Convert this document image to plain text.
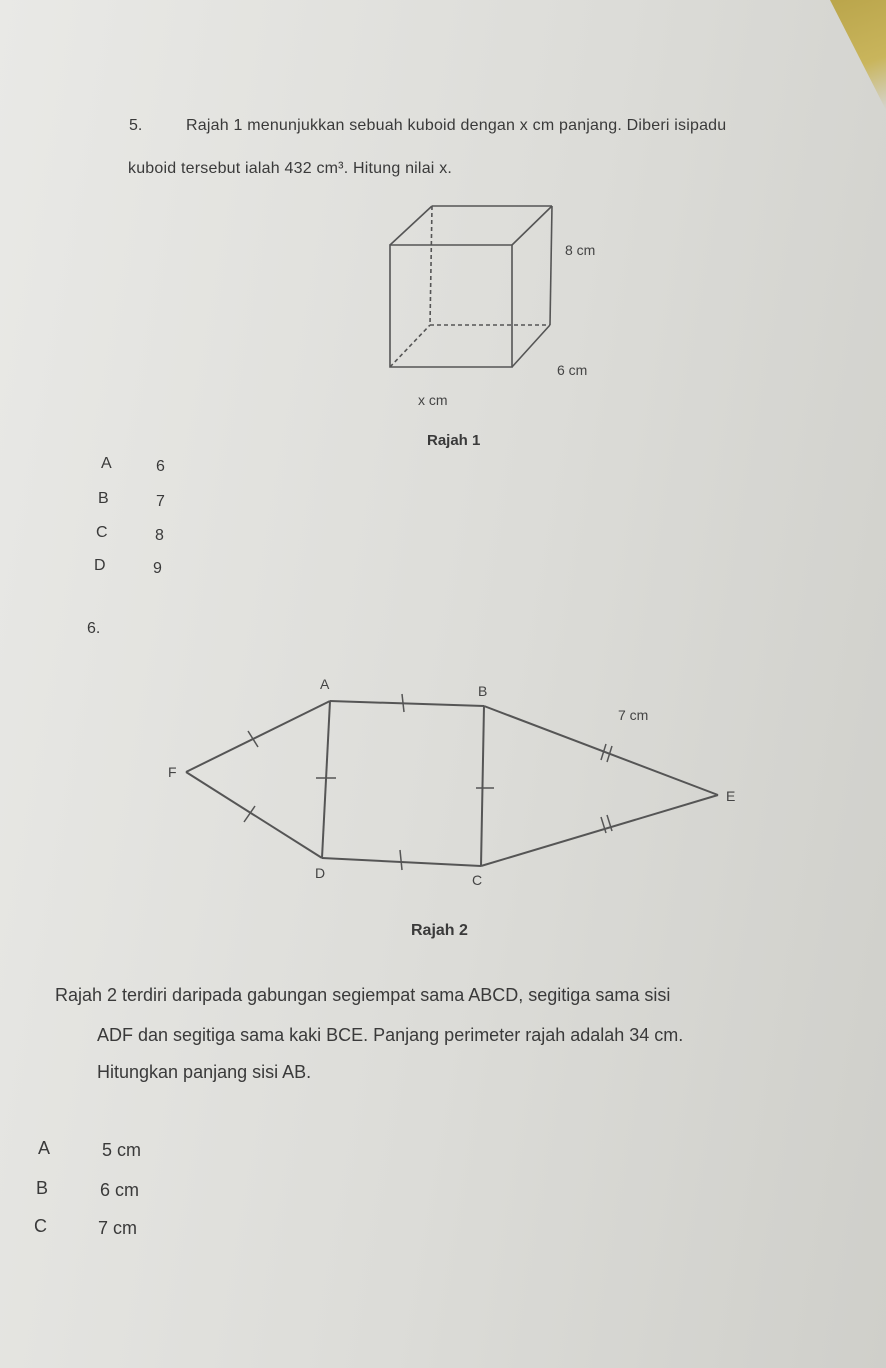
5.	Rajah 1 menunjukkan sebuah kuboid dengan x cm panjang. Diberi isipadu
kuboid tersebut ialah 432 cm³. Hitung nilai x.
8 cm
6 cm
x cm
Rajah 1
A	6
B	7
C	8
D	9
6.
A	B
C
D
E
F
7 cm
Rajah 2
Rajah 2 terdiri daripada gabungan segiempat sama ABCD, segitiga sama sisi
ADF dan segitiga sama kaki BCE. Panjang perimeter rajah adalah 34 cm.
Hitungkan panjang sisi AB.
A	5 cm
B	6 cm
C	7 cm
